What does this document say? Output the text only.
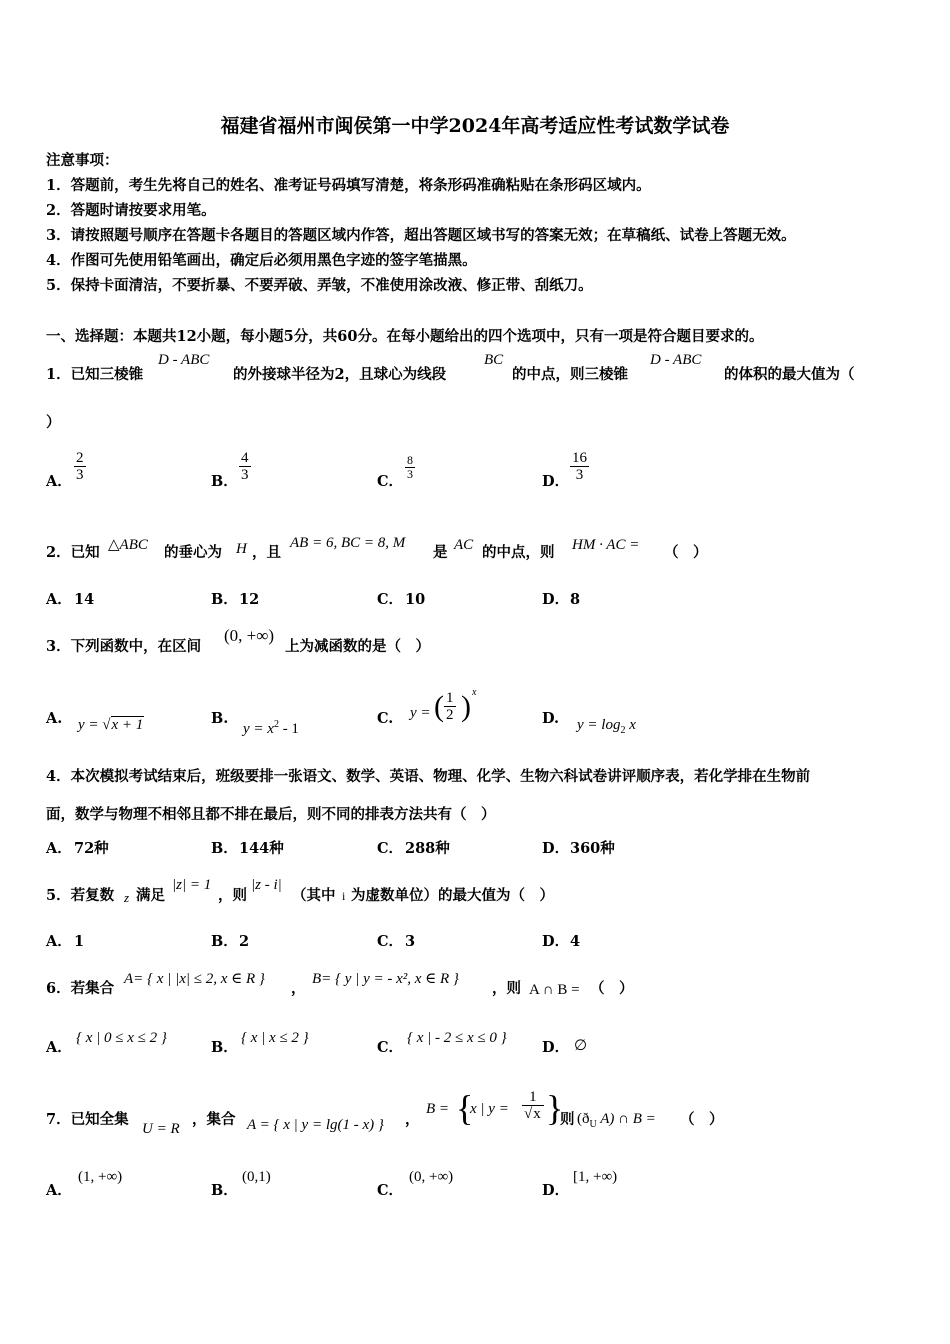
福建省福州市闽侯第一中学2024年高考适应性考试数学试卷
注意事项：
1．答题前，考生先将自己的姓名、准考证号码填写清楚，将条形码准确粘贴在条形码区域内。
2．答题时请按要求用笔。
3．请按照题号顺序在答题卡各题目的答题区域内作答，超出答题区域书写的答案无效；在草稿纸、试卷上答题无效。
4．作图可先使用铅笔画出，确定后必须用黑色字迹的签字笔描黑。
5．保持卡面清洁，不要折暴、不要弄破、弄皱，不准使用涂改液、修正带、刮纸刀。
一、选择题：本题共12小题，每小题5分，共60分。在每小题给出的四个选项中，只有一项是符合题目要求的。
1．已知三棱锥
D - ABC
的外接球半径为2，且球心为线段
BC
的中点，则三棱锥
D - ABC
的体积的最大值为（
）
A． $\frac{2}{3}$	B． $\frac{4}{3}$	C．
$\frac{8}{3}$
D． $\frac{16}{3}$
2．已知 △ABC 的垂心为 H ，且
AB = 6, BC = 8, M
是 AC 的中点，则 HM · AC = （　）
A． 14	B． 12	C． 10	D． 8
3．下列函数中，在区间
(0, +∞)
上为减函数的是（　）
A. y = √x + 1	B.
$y = x^2 - 1$
C. y = ( $\frac{1}{2}$ ) x
D. $y = \log_2 x$
4．本次模拟考试结束后，班级要排一张语文、数学、英语、物理、化学、生物六科试卷讲评顺序表，若化学排在生物前
面，数学与物理不相邻且都不排在最后，则不同的排表方法共有（　）
A． 72种	B． 144种	C． 288种	D． 360种
5．若复数 z 满足
|z| = 1
，则
|z - i|
（其中 i 为虚数单位）的最大值为（　）
A． 1	B． 2	C． 3	D． 4
6．若集合
A= { x | |x| ≤ 2, x ∈ R }
，
B= { y | y = - x², x ∈ R }
，则 A ∩ B = （　）
A．
{ x | 0 ≤ x ≤ 2 }
B．
{ x | x ≤ 2 }
C．
{ x | - 2 ≤ x ≤ 0 }
D． ∅
7．已知全集
U = R
，集合 A = { x | y = lg(1 - x) } ，
B = {
x | $y = \frac{1}{√x}$ }
则 ($ð_U$ A) ∩ B = （　）
A．
(1, +∞)
B．
(0,1)
C．
(0, +∞)
D．
[1, +∞)
